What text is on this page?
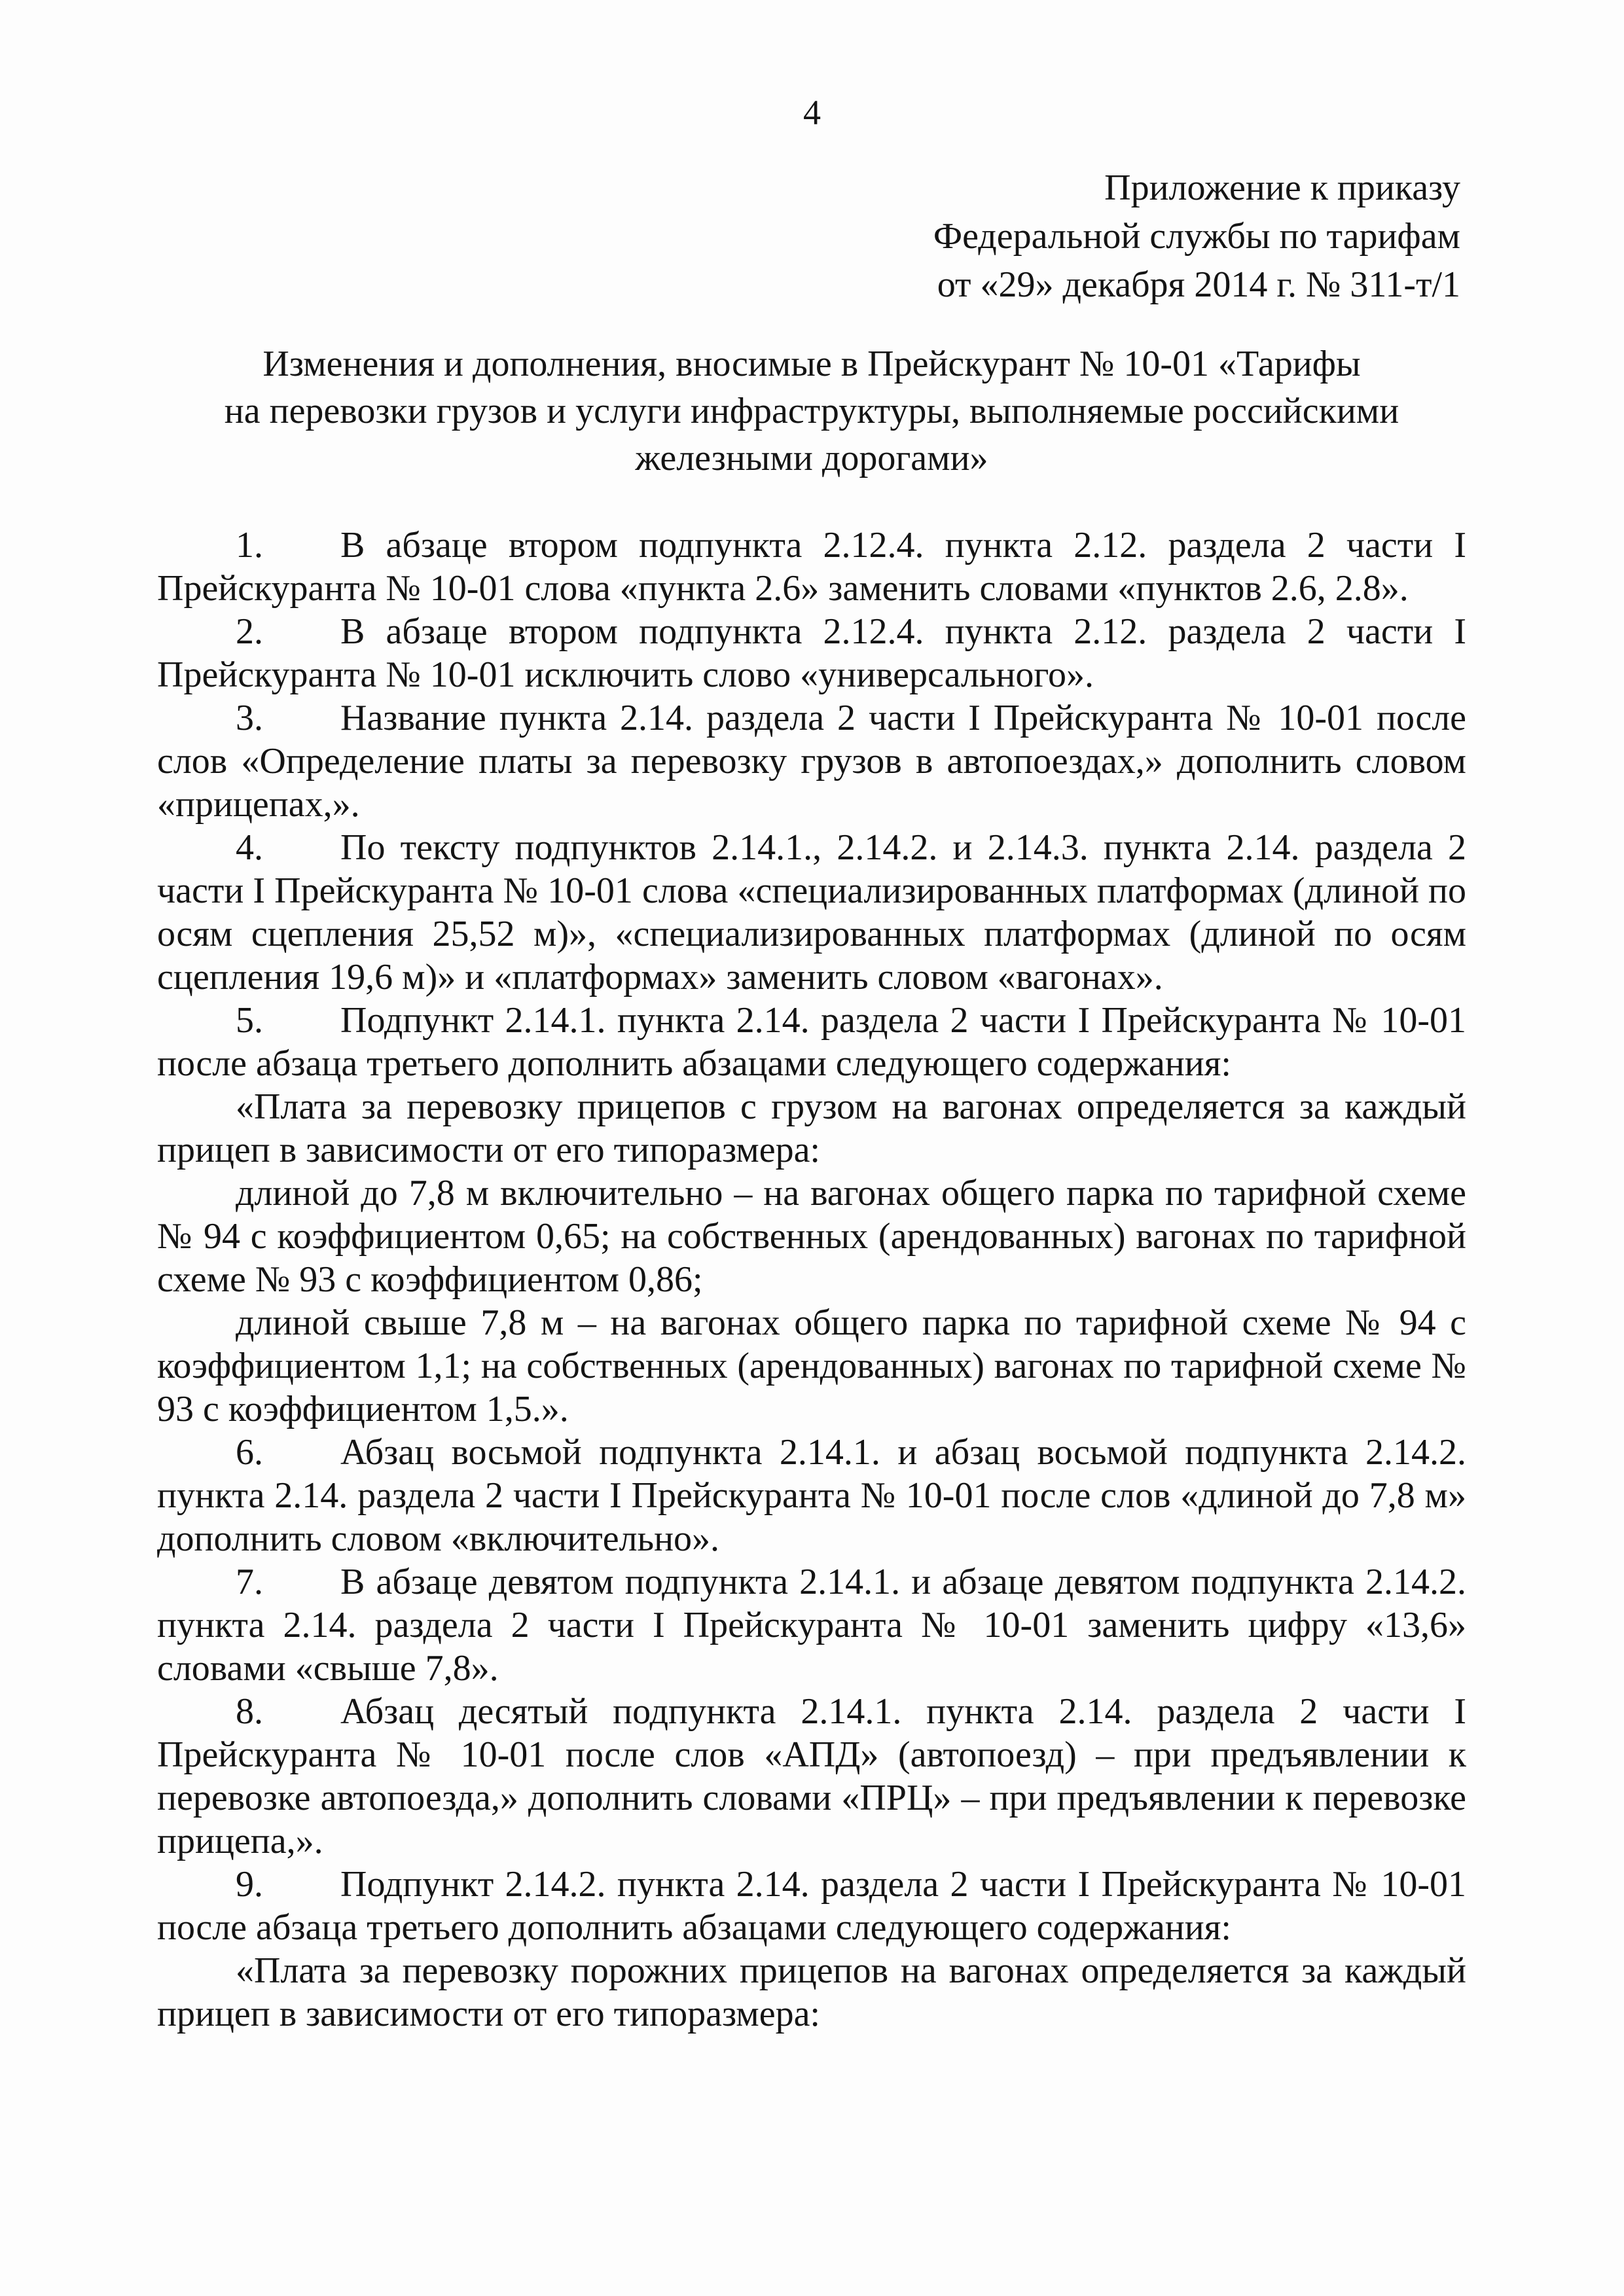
4
Приложение к приказу
Федеральной службы по тарифам
от «29» декабря 2014 г. № 311-т/1
Изменения и дополнения, вносимые в Прейскурант № 10-01 «Тарифы
на перевозки грузов и услуги инфраструктуры, выполняемые российскими
железными дорогами»

1. В абзаце втором подпункта 2.12.4. пункта 2.12. раздела 2 части I Прейскуранта № 10-01 слова «пункта 2.6» заменить словами «пунктов 2.6, 2.8».

2. В абзаце втором подпункта 2.12.4. пункта 2.12. раздела 2 части I Прейскуранта № 10-01 исключить слово «универсального».

3. Название пункта 2.14. раздела 2 части I Прейскуранта № 10-01 после слов «Определение платы за перевозку грузов в автопоездах,» дополнить словом «прицепах,».

4. По тексту подпунктов 2.14.1., 2.14.2. и 2.14.3. пункта 2.14. раздела 2 части I Прейскуранта № 10-01 слова «специализированных платформах (длиной по осям сцепления 25,52 м)», «специализированных платформах (длиной по осям сцепления 19,6 м)» и «платформах» заменить словом «вагонах».

5. Подпункт 2.14.1. пункта 2.14. раздела 2 части I Прейскуранта № 10-01 после абзаца третьего дополнить абзацами следующего содержания:

«Плата за перевозку прицепов с грузом на вагонах определяется за каждый прицеп в зависимости от его типоразмера:

длиной до 7,8 м включительно – на вагонах общего парка по тарифной схеме № 94 с коэффициентом 0,65; на собственных (арендованных) вагонах по тарифной схеме № 93 с коэффициентом 0,86;

длиной свыше 7,8 м – на вагонах общего парка по тарифной схеме № 94 с коэффициентом 1,1; на собственных (арендованных) вагонах по тарифной схеме № 93 с коэффициентом 1,5.».

6. Абзац восьмой подпункта 2.14.1. и абзац восьмой подпункта 2.14.2. пункта 2.14. раздела 2 части I Прейскуранта № 10-01 после слов «длиной до 7,8 м» дополнить словом «включительно».

7. В абзаце девятом подпункта 2.14.1. и абзаце девятом подпункта 2.14.2. пункта 2.14. раздела 2 части I Прейскуранта № 10-01 заменить цифру «13,6» словами «свыше 7,8».

8. Абзац десятый подпункта 2.14.1. пункта 2.14. раздела 2 части I Прейскуранта № 10-01 после слов «АПД» (автопоезд) – при предъявлении к перевозке автопоезда,» дополнить словами «ПРЦ» – при предъявлении к перевозке прицепа,».

9. Подпункт 2.14.2. пункта 2.14. раздела 2 части I Прейскуранта № 10-01 после абзаца третьего дополнить абзацами следующего содержания:

«Плата за перевозку порожних прицепов на вагонах определяется за каждый прицеп в зависимости от его типоразмера:
